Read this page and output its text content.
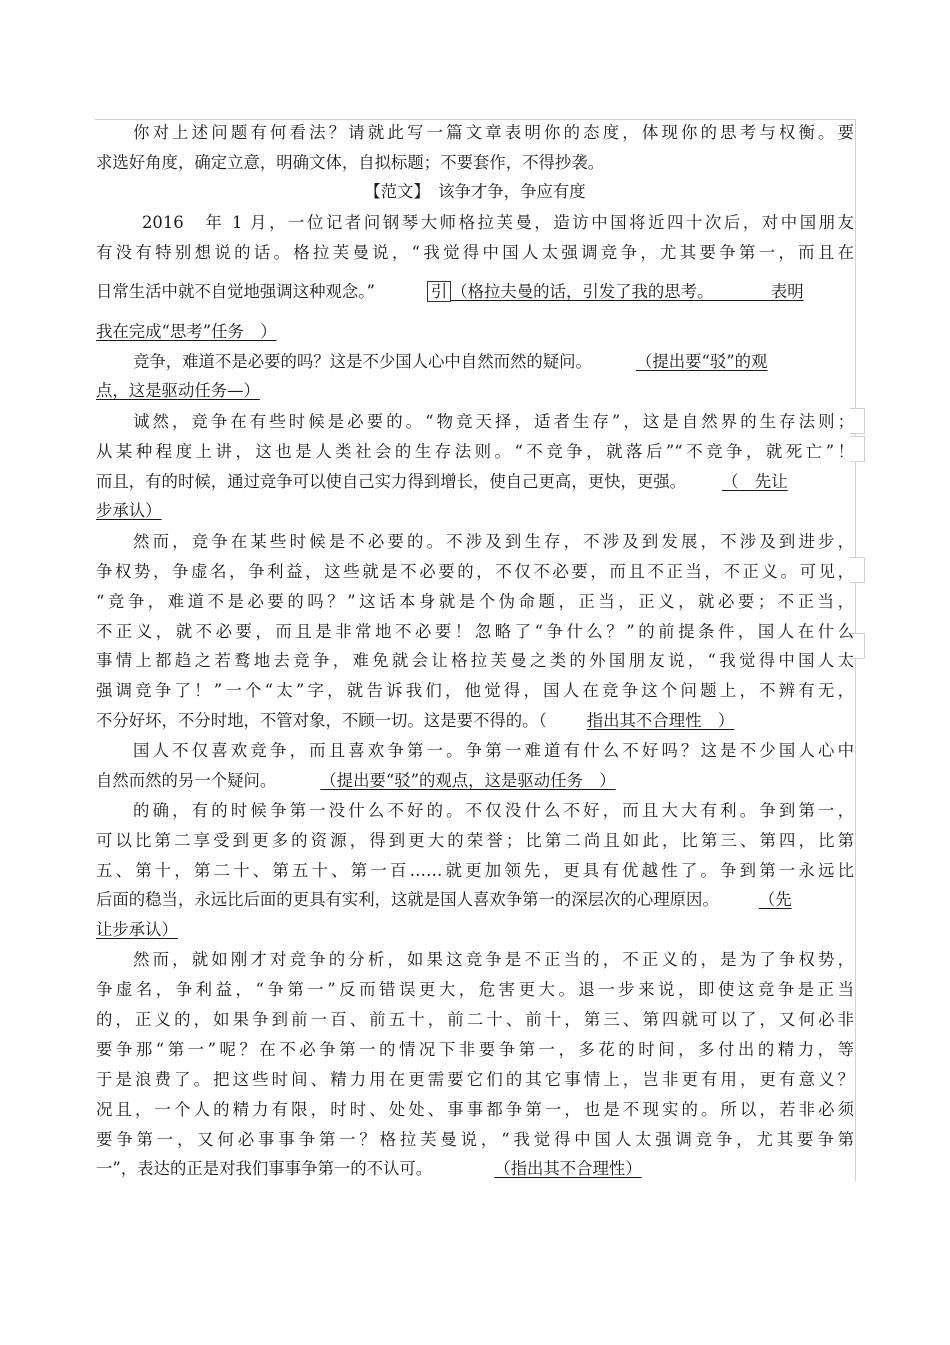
你对上述问题有何看法？请就此写一篇文章表明你的态度，体现你的思考与权衡。要
求选好角度，确定立意，明确文体，自拟标题；不要套作，不得抄袭。
【范文】　该争才争，争应有度
2016　年 1 月，一位记者问钢琴大师格拉芙曼，造访中国将近四十次后，对中国朋友
有没有特别想说的话。格拉芙曼说，“我觉得中国人太强调竞争，尤其要争第一，而且在
日常生活中就不自觉地强调这种观念。”	引 （格拉夫曼的话，引发了我的思考。　　　　表明
我在完成“思考”任务　）
竞争，难道不是必要的吗？这是不少国人心中自然而然的疑问。	（提出要“驳”的观
点，这是驱动任务—）
诚然，竞争在有些时候是必要的。“物竞天择，适者生存”，这是自然界的生存法则；
从某种程度上讲，这也是人类社会的生存法则。“不竞争，就落后”“不竞争，就死亡”！
而且，有的时候，通过竞争可以使自己实力得到增长，使自己更高，更快，更强。 （　先让
步承认）
然而，竞争在某些时候是不必要的。不涉及到生存，不涉及到发展，不涉及到进步，
争权势，争虚名，争利益，这些就是不必要的，不仅不必要，而且不正当，不正义。可见，
“竞争，难道不是必要的吗？”这话本身就是个伪命题，正当，正义，就必要；不正当，
不正义，就不必要，而且是非常地不必要！忽略了“争什么？”的前提条件，国人在什么
事情上都趋之若鹜地去竞争，难免就会让格拉芙曼之类的外国朋友说，“我觉得中国人太
强调竞争了！”一个“太”字，就告诉我们，他觉得，国人在竞争这个问题上，不辨有无，
不分好坏，不分时地，不管对象，不顾一切。这是要不得的。（ 指出其不合理性　）
国人不仅喜欢竞争，而且喜欢争第一。争第一难道有什么不好吗？这是不少国人心中
自然而然的另一个疑问。	（提出要“驳”的观点，这是驱动任务　）
的确，有的时候争第一没什么不好的。不仅没什么不好，而且大大有利。争到第一，
可以比第二享受到更多的资源，得到更大的荣誉；比第二尚且如此，比第三、第四，比第
五、第十，第二十、第五十、第一百……就更加领先，更具有优越性了。争到第一永远比
后面的稳当，永远比后面的更具有实利，这就是国人喜欢争第一的深层次的心理原因。 （先
让步承认）
然而，就如刚才对竞争的分析，如果这竞争是不正当的，不正义的，是为了争权势，
争虚名，争利益，“争第一”反而错误更大，危害更大。退一步来说，即使这竞争是正当
的，正义的，如果争到前一百、前五十，前二十、前十，第三、第四就可以了，又何必非
要争那“第一”呢？在不必争第一的情况下非要争第一，多花的时间，多付出的精力，等
于是浪费了。把这些时间、精力用在更需要它们的其它事情上，岂非更有用，更有意义？
况且，一个人的精力有限，时时、处处、事事都争第一，也是不现实的。所以，若非必须
要争第一，又何必事事争第一？格拉芙曼说，“我觉得中国人太强调竞争，尤其要争第
一”，表达的正是对我们事事争第一的不认可。	（指出其不合理性）
